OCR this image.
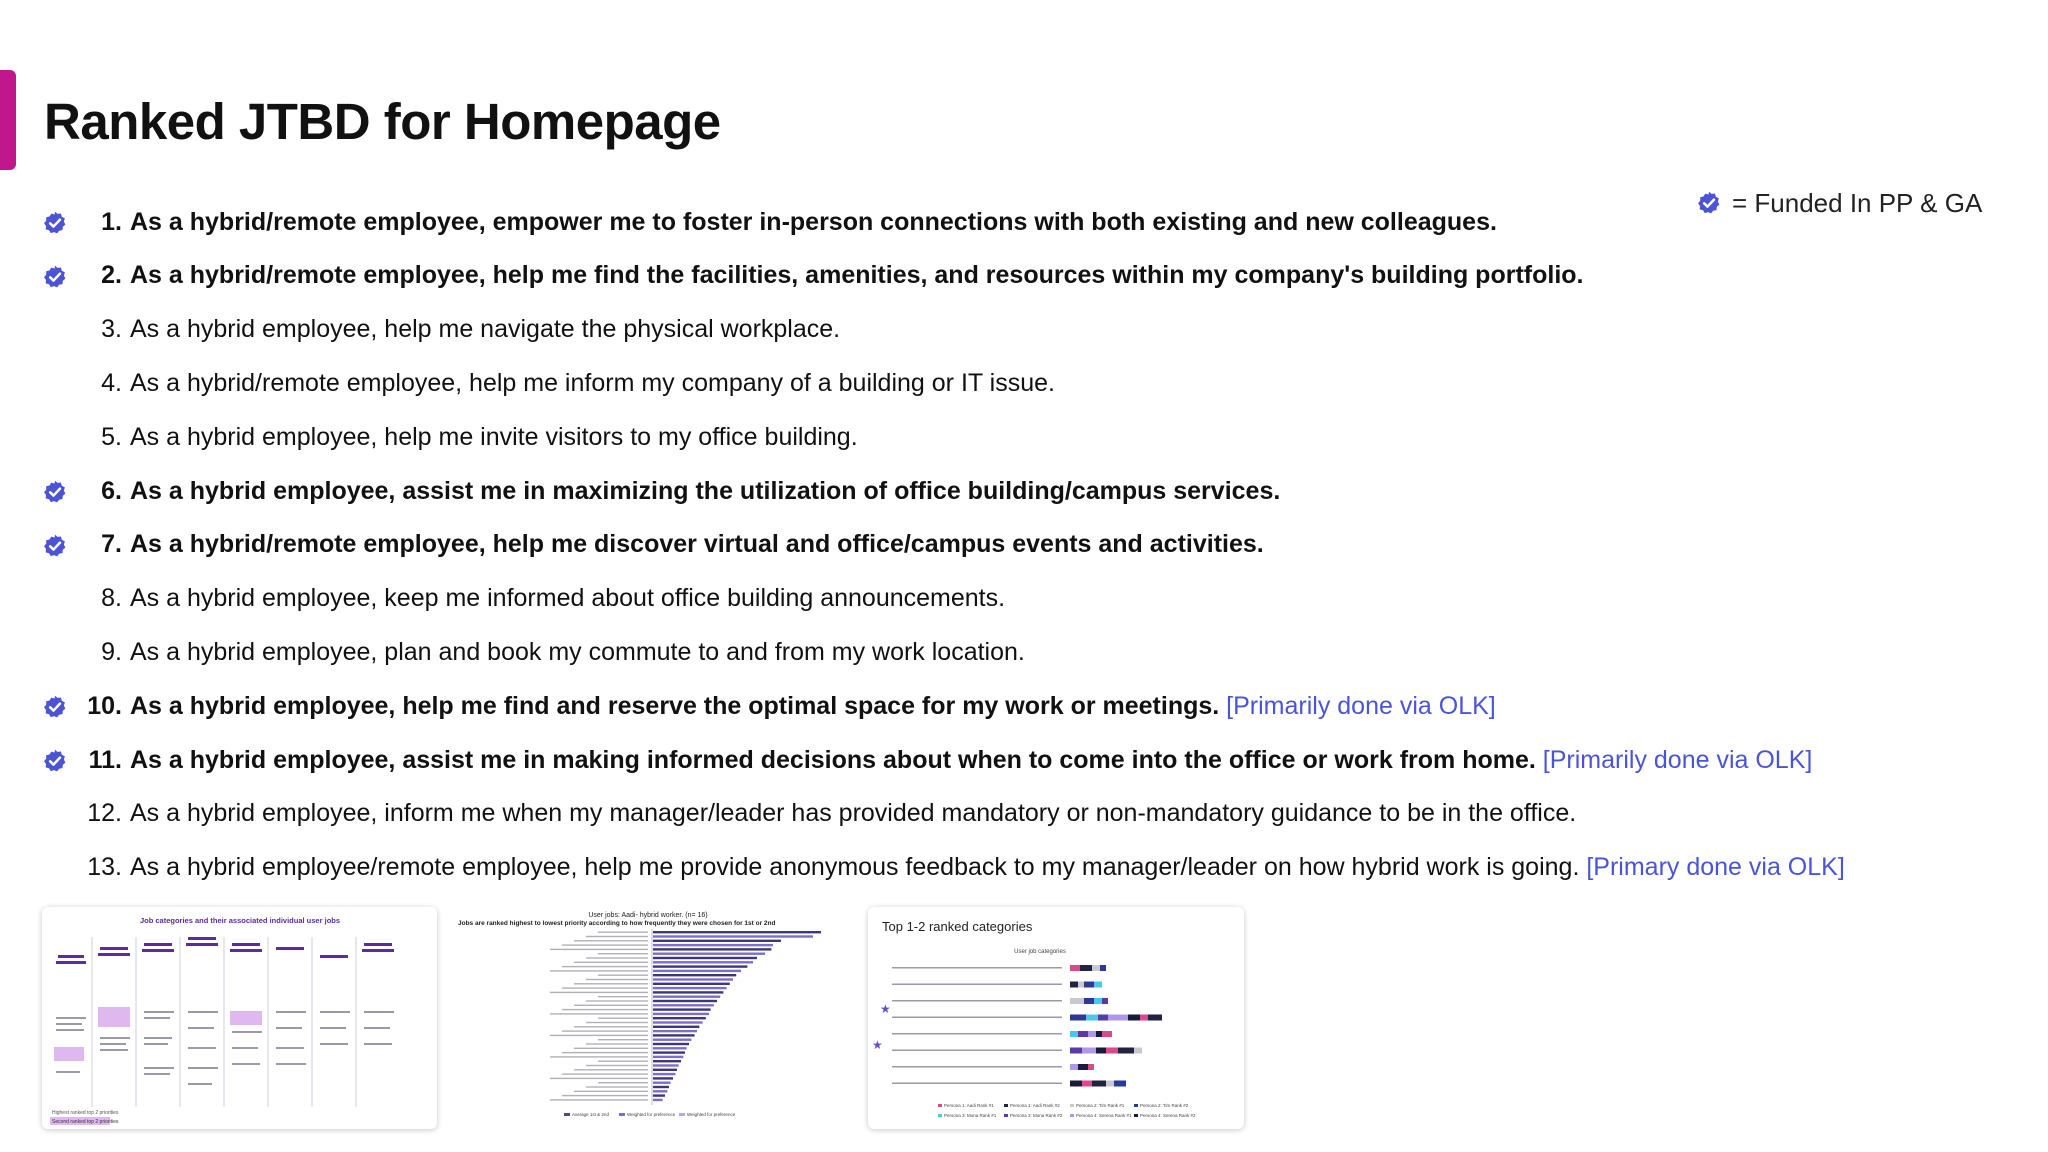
Ranked JTBD for Homepage
= Funded In PP & GA
1. As a hybrid/remote employee, empower me to foster in-person connections with both existing and new colleagues.
2. As a hybrid/remote employee, help me find the facilities, amenities, and resources within my company's building portfolio.
3. As a hybrid employee, help me navigate the physical workplace.
4. As a hybrid/remote employee, help me inform my company of a building or IT issue.
5. As a hybrid employee, help me invite visitors to my office building.
6. As a hybrid employee, assist me in maximizing the utilization of office building/campus services.
7. As a hybrid/remote employee, help me discover virtual and office/campus events and activities.
8. As a hybrid employee, keep me informed about office building announcements.
9. As a hybrid employee, plan and book my commute to and from my work location.
10. As a hybrid employee, help me find and reserve the optimal space for my work or meetings. [Primarily done via OLK]
11. As a hybrid employee, assist me in making informed decisions about when to come into the office or work from home. [Primarily done via OLK]
12. As a hybrid employee, inform me when my manager/leader has provided mandatory or non-mandatory guidance to be in the office.
13. As a hybrid employee/remote employee, help me provide anonymous feedback to my manager/leader on how hybrid work is going. [Primary done via OLK]
Job categories and their associated individual user jobs
Highest ranked top 2 priorities
Second ranked top 2 priorities
User jobs: Aadi- hybrid worker. (n= 16)
Jobs are ranked highest to lowest priority according to how frequently they were chosen for 1st or 2nd
Average 1st & 2nd	Weighted for preference	Weighted for preference
Top 1-2 ranked categories
User job categories
★
★
Persona 1: Aadi Rank #1	Persona 1: Aadi Rank #2	Persona 2: Tim Rank #1	Persona 2: Tim Rank #2
Persona 3: Mona Rank #1	Persona 3: Mona Rank #2	Persona 4: Serena Rank #1 Persona 4: Serena Rank #2
